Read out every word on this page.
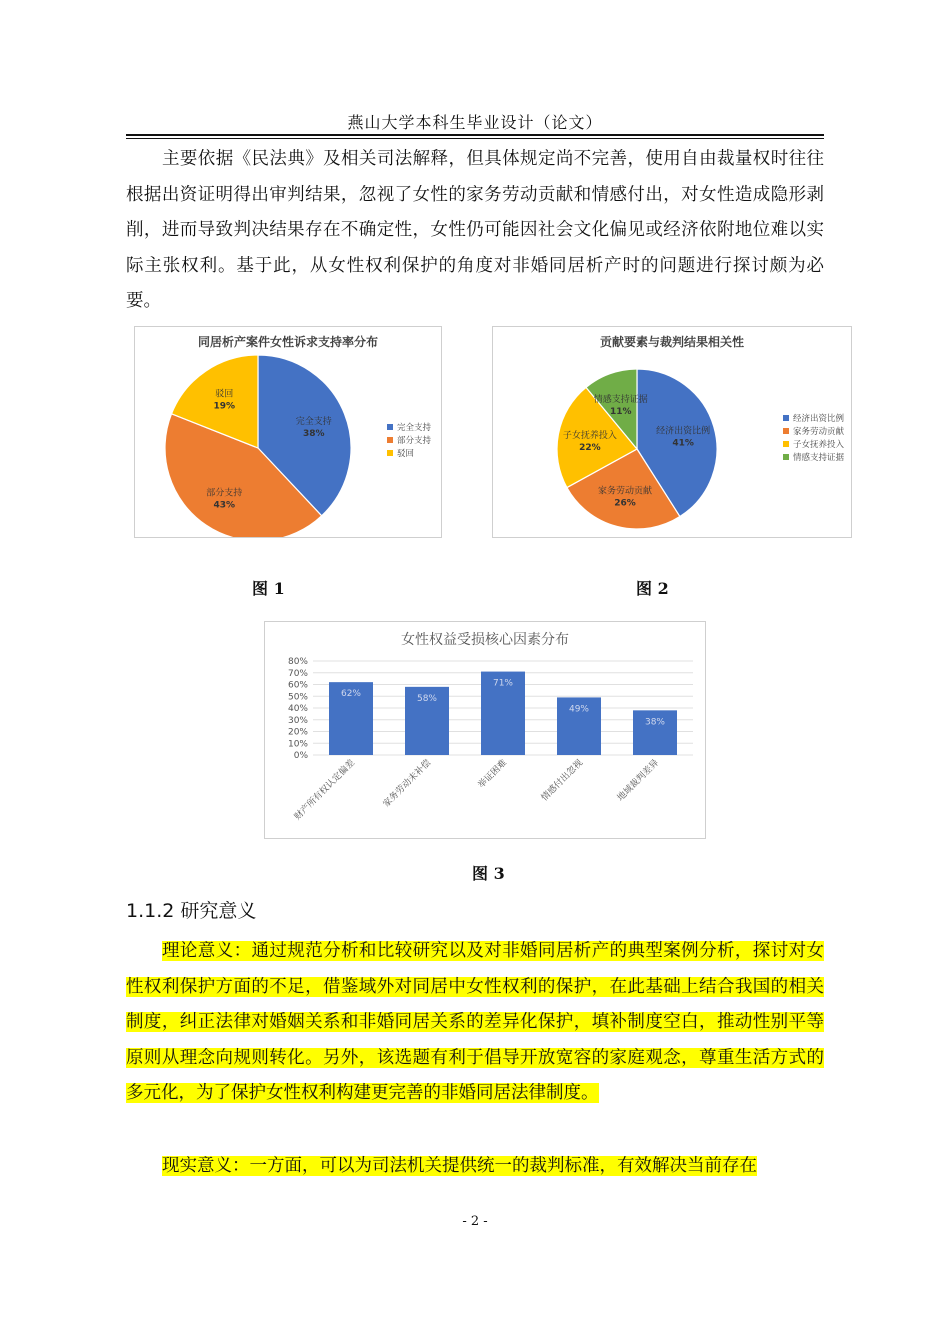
燕山大学本科生毕业设计（论文）

主要依据《民法典》及相关司法解释，但具体规定尚不完善，使用自由裁量权时往往根据出资证明得出审判结果，忽视了女性的家务劳动贡献和情感付出，对女性造成隐形剥削，进而导致判决结果存在不确定性，女性仍可能因社会文化偏见或经济依附地位难以实际主张权利。基于此，从女性权利保护的角度对非婚同居析产时的问题进行探讨颇为必要。

同居析产案件女性诉求支持率分布
完全支持
38%
部分支持
43%
驳回
19%
完全支持
部分支持
驳回
贡献要素与裁判结果相关性
经济出资比例
41%
家务劳动贡献
26%
子女抚养投入
22%
情感支持证据
11%
经济出资比例
家务劳动贡献
子女抚养投入
情感支持证据
图 1	图 2
女性权益受损核心因素分布
0%
10%
20%
30%
40%
50%
60%
70%
80%
62%	58%
71%
49%
38%
财产所有权认定偏差	家务劳动未补偿	举证困难	情感付出忽视	地域裁判差异
图 3
1.1.2 研究意义

理论意义：通过规范分析和比较研究以及对非婚同居析产的典型案例分析，探讨对女性权利保护方面的不足，借鉴域外对同居中女性权利的保护，在此基础上结合我国的相关制度，纠正法律对婚姻关系和非婚同居关系的差异化保护，填补制度空白，推动性别平等原则从理念向规则转化。另外，该选题有利于倡导开放宽容的家庭观念，尊重生活方式的多元化，为了保护女性权利构建更完善的非婚同居法律制度。

现实意义：一方面，可以为司法机关提供统一的裁判标准，有效解决当前存在

- 2 -
